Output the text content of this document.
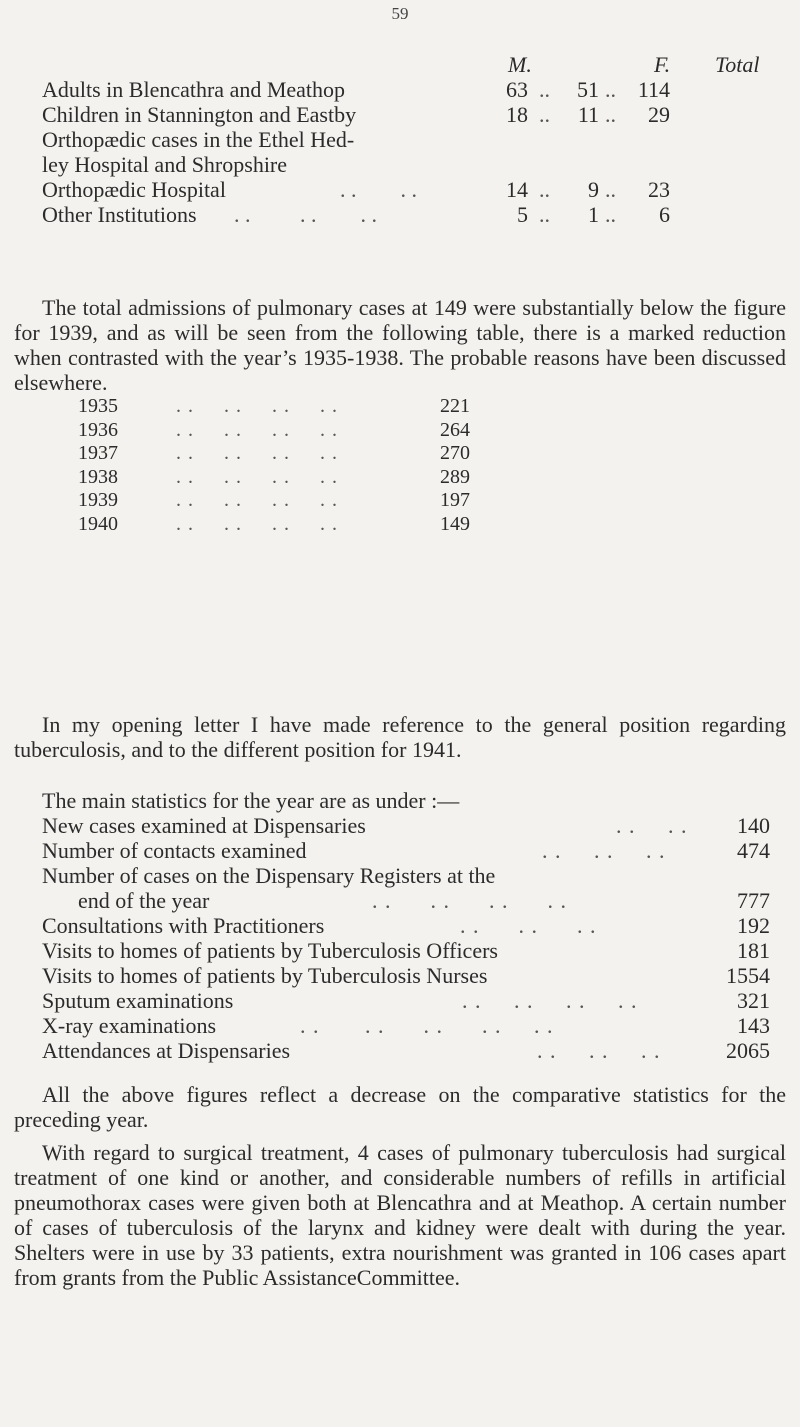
59
M.	F. Total
Adults in Blencathra and Meathop	63 ..	51 .. 114
Children in Stannington and Eastby	18 ..	11 ..	29
Orthopædic cases in the Ethel Hed-
ley Hospital and Shropshire
Orthopædic Hospital	. .        . .	14 ..	9 ..	23
Other Institutions . .         . .        . .	5 ..	1 ..	6

The total admissions of pulmonary cases at 149 were substantially below the figure for 1939, and as will be seen from the following table, there is a marked reduction when contrasted with the year’s 1935-1938. The probable reasons have been discussed elsewhere.

1935	. .     . .     . .     . .	221
1936	. .     . .     . .     . .	264
1937	. .     . .     . .     . .	270
1938	. .     . .     . .     . .	289
1939	. .     . .     . .     . .	197
1940	. .     . .     . .     . .	149

In my opening letter I have made reference to the general position regarding tuberculosis, and to the different position for 1941.

The main statistics for the year are as under :—
New cases examined at Dispensaries	. .     . . 140
Number of contacts examined	. .     . .     . .	474
Number of cases on the Dispensary Registers at the
end of the year	. .      . .      . .      . .	777
Consultations with Practitioners	. .      . .      . .	192
Visits to homes of patients by Tuberculosis Officers	181
Visits to homes of patients by Tuberculosis Nurses	1554
Sputum examinations	. .     . .     . .     . .	321
X-ray examinations	. .       . .      . .      . .     . .	143
Attendances at Dispensaries	. .     . .     . .	2065

All the above figures reflect a decrease on the comparative statistics for the preceding year.

With regard to surgical treatment, 4 cases of pulmonary tuberculosis had surgical treatment of one kind or another, and considerable numbers of refills in artificial pneumothorax cases were given both at Blencathra and at Meathop. A certain number of cases of tuberculosis of the larynx and kidney were dealt with during the year. Shelters were in use by 33 patients, extra nourishment was granted in 106 cases apart from grants from the Public AssistanceCommittee.
